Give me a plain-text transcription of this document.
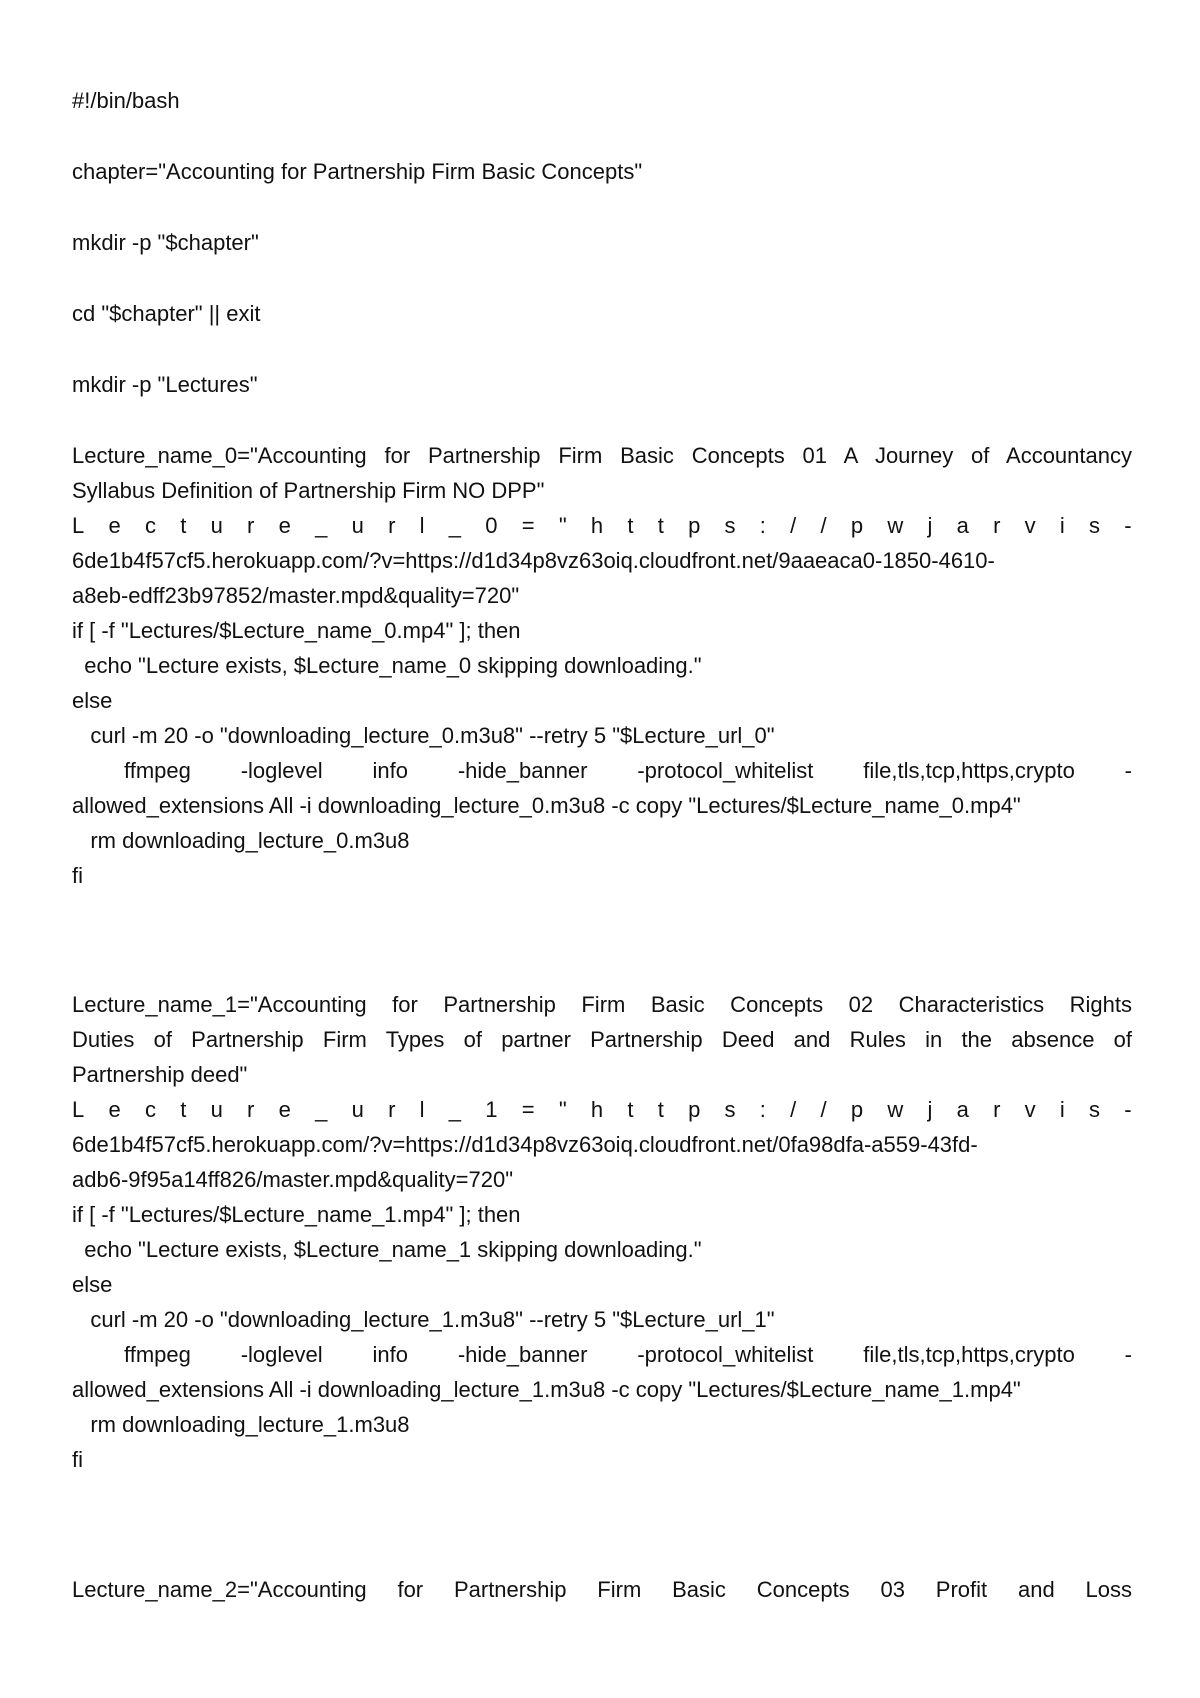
#!/bin/bash
chapter="Accounting for Partnership Firm Basic Concepts"
mkdir -p "$chapter"
cd "$chapter" || exit
mkdir -p "Lectures"
Lecture_name_0="Accounting for Partnership Firm Basic Concepts 01 A Journey of Accountancy
Syllabus Definition of Partnership Firm NO DPP"
L e c t u r e _ u r l _ 0 = " h t t p s : / / p w j a r v i s -
6de1b4f57cf5.herokuapp.com/?v=https://d1d34p8vz63oiq.cloudfront.net/9aaeaca0-1850-4610-
a8eb-edff23b97852/master.mpd&quality=720"
if [ -f "Lectures/$Lecture_name_0.mp4" ]; then
echo "Lecture exists, $Lecture_name_0 skipping downloading."
else
curl -m 20 -o "downloading_lecture_0.m3u8" --retry 5 "$Lecture_url_0"
ffmpeg -loglevel info -hide_banner -protocol_whitelist file,tls,tcp,https,crypto -
allowed_extensions All -i downloading_lecture_0.m3u8 -c copy "Lectures/$Lecture_name_0.mp4"
rm downloading_lecture_0.m3u8
fi
Lecture_name_1="Accounting for Partnership Firm Basic Concepts 02 Characteristics Rights
Duties of Partnership Firm Types of partner Partnership Deed and Rules in the absence of
Partnership deed"
L e c t u r e _ u r l _ 1 = " h t t p s : / / p w j a r v i s -
6de1b4f57cf5.herokuapp.com/?v=https://d1d34p8vz63oiq.cloudfront.net/0fa98dfa-a559-43fd-
adb6-9f95a14ff826/master.mpd&quality=720"
if [ -f "Lectures/$Lecture_name_1.mp4" ]; then
echo "Lecture exists, $Lecture_name_1 skipping downloading."
else
curl -m 20 -o "downloading_lecture_1.m3u8" --retry 5 "$Lecture_url_1"
ffmpeg -loglevel info -hide_banner -protocol_whitelist file,tls,tcp,https,crypto -
allowed_extensions All -i downloading_lecture_1.m3u8 -c copy "Lectures/$Lecture_name_1.mp4"
rm downloading_lecture_1.m3u8
fi
Lecture_name_2="Accounting for Partnership Firm Basic Concepts 03 Profit and Loss
